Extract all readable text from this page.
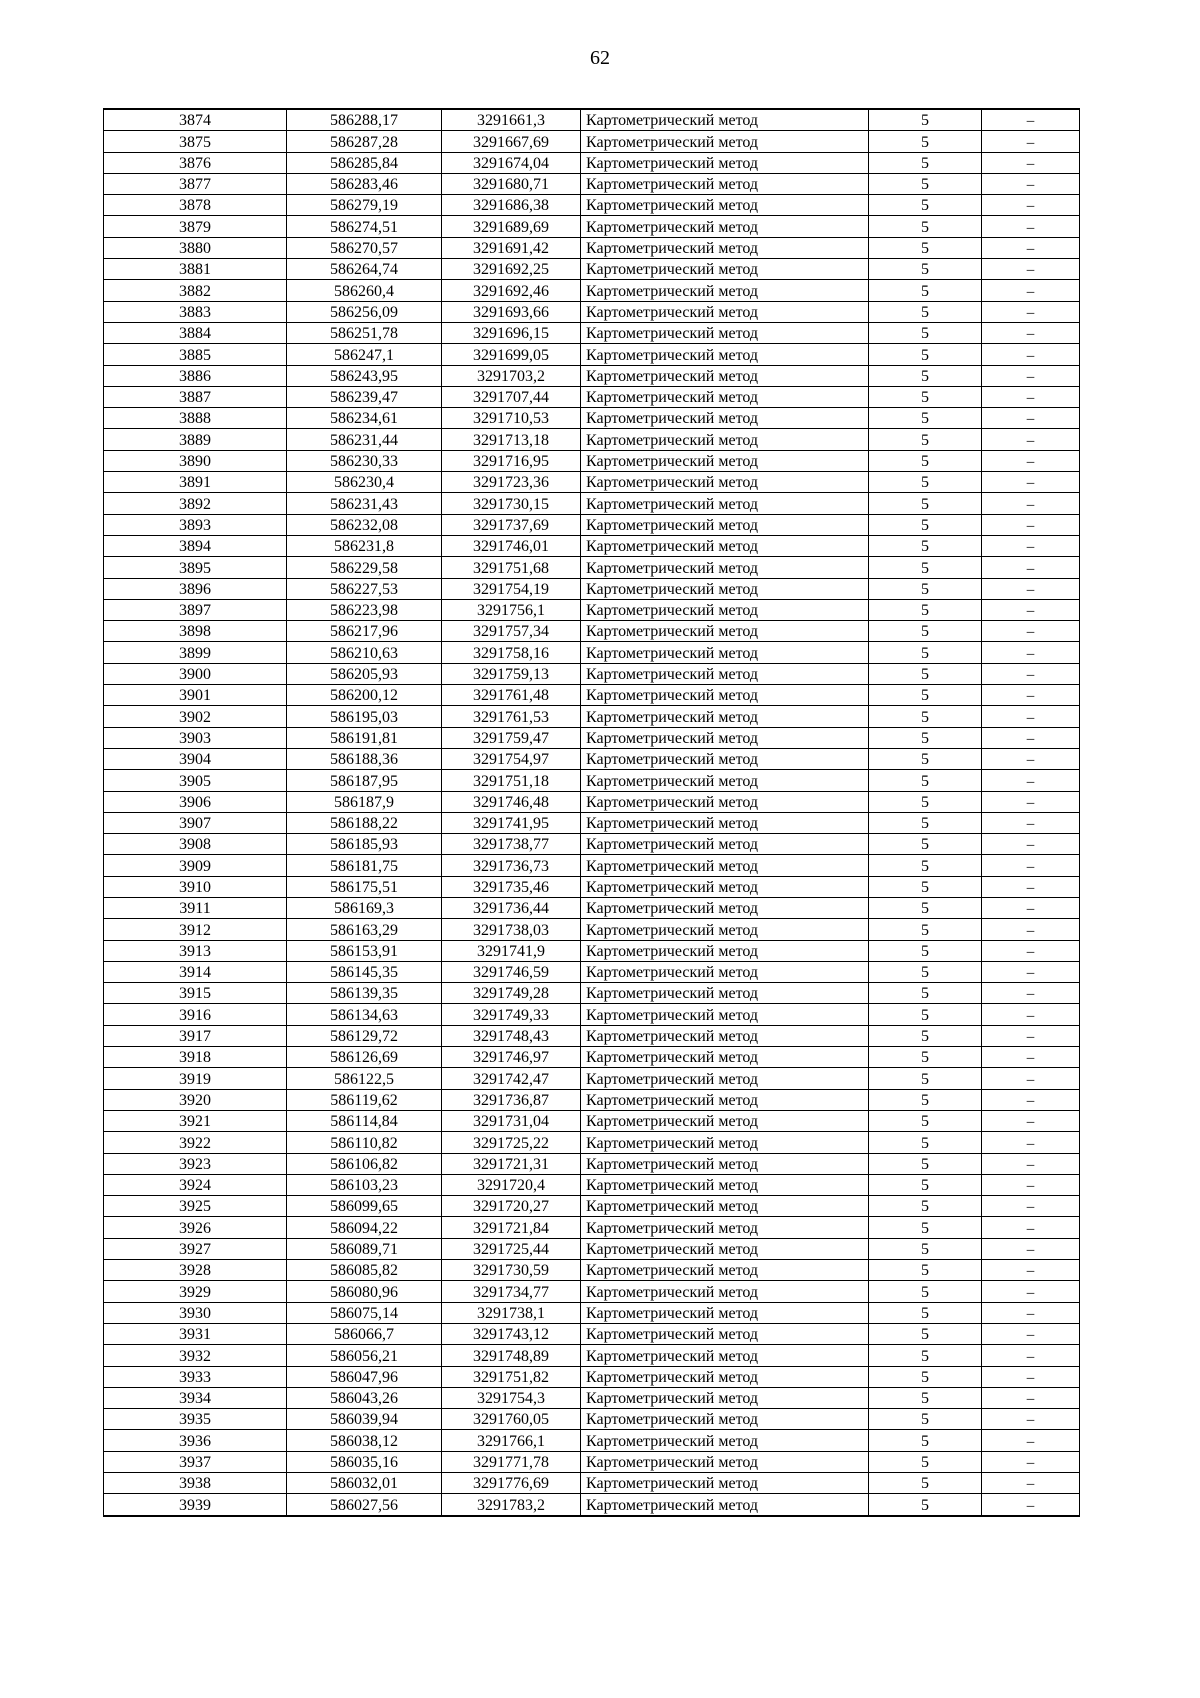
62
3874	586288,17	3291661,3	Картометрический метод	5	–
3875	586287,28	3291667,69	Картометрический метод	5	–
3876	586285,84	3291674,04	Картометрический метод	5	–
3877	586283,46	3291680,71	Картометрический метод	5	–
3878	586279,19	3291686,38	Картометрический метод	5	–
3879	586274,51	3291689,69	Картометрический метод	5	–
3880	586270,57	3291691,42	Картометрический метод	5	–
3881	586264,74	3291692,25	Картометрический метод	5	–
3882	586260,4	3291692,46	Картометрический метод	5	–
3883	586256,09	3291693,66	Картометрический метод	5	–
3884	586251,78	3291696,15	Картометрический метод	5	–
3885	586247,1	3291699,05	Картометрический метод	5	–
3886	586243,95	3291703,2	Картометрический метод	5	–
3887	586239,47	3291707,44	Картометрический метод	5	–
3888	586234,61	3291710,53	Картометрический метод	5	–
3889	586231,44	3291713,18	Картометрический метод	5	–
3890	586230,33	3291716,95	Картометрический метод	5	–
3891	586230,4	3291723,36	Картометрический метод	5	–
3892	586231,43	3291730,15	Картометрический метод	5	–
3893	586232,08	3291737,69	Картометрический метод	5	–
3894	586231,8	3291746,01	Картометрический метод	5	–
3895	586229,58	3291751,68	Картометрический метод	5	–
3896	586227,53	3291754,19	Картометрический метод	5	–
3897	586223,98	3291756,1	Картометрический метод	5	–
3898	586217,96	3291757,34	Картометрический метод	5	–
3899	586210,63	3291758,16	Картометрический метод	5	–
3900	586205,93	3291759,13	Картометрический метод	5	–
3901	586200,12	3291761,48	Картометрический метод	5	–
3902	586195,03	3291761,53	Картометрический метод	5	–
3903	586191,81	3291759,47	Картометрический метод	5	–
3904	586188,36	3291754,97	Картометрический метод	5	–
3905	586187,95	3291751,18	Картометрический метод	5	–
3906	586187,9	3291746,48	Картометрический метод	5	–
3907	586188,22	3291741,95	Картометрический метод	5	–
3908	586185,93	3291738,77	Картометрический метод	5	–
3909	586181,75	3291736,73	Картометрический метод	5	–
3910	586175,51	3291735,46	Картометрический метод	5	–
3911	586169,3	3291736,44	Картометрический метод	5	–
3912	586163,29	3291738,03	Картометрический метод	5	–
3913	586153,91	3291741,9	Картометрический метод	5	–
3914	586145,35	3291746,59	Картометрический метод	5	–
3915	586139,35	3291749,28	Картометрический метод	5	–
3916	586134,63	3291749,33	Картометрический метод	5	–
3917	586129,72	3291748,43	Картометрический метод	5	–
3918	586126,69	3291746,97	Картометрический метод	5	–
3919	586122,5	3291742,47	Картометрический метод	5	–
3920	586119,62	3291736,87	Картометрический метод	5	–
3921	586114,84	3291731,04	Картометрический метод	5	–
3922	586110,82	3291725,22	Картометрический метод	5	–
3923	586106,82	3291721,31	Картометрический метод	5	–
3924	586103,23	3291720,4	Картометрический метод	5	–
3925	586099,65	3291720,27	Картометрический метод	5	–
3926	586094,22	3291721,84	Картометрический метод	5	–
3927	586089,71	3291725,44	Картометрический метод	5	–
3928	586085,82	3291730,59	Картометрический метод	5	–
3929	586080,96	3291734,77	Картометрический метод	5	–
3930	586075,14	3291738,1	Картометрический метод	5	–
3931	586066,7	3291743,12	Картометрический метод	5	–
3932	586056,21	3291748,89	Картометрический метод	5	–
3933	586047,96	3291751,82	Картометрический метод	5	–
3934	586043,26	3291754,3	Картометрический метод	5	–
3935	586039,94	3291760,05	Картометрический метод	5	–
3936	586038,12	3291766,1	Картометрический метод	5	–
3937	586035,16	3291771,78	Картометрический метод	5	–
3938	586032,01	3291776,69	Картометрический метод	5	–
3939	586027,56	3291783,2	Картометрический метод	5	–
